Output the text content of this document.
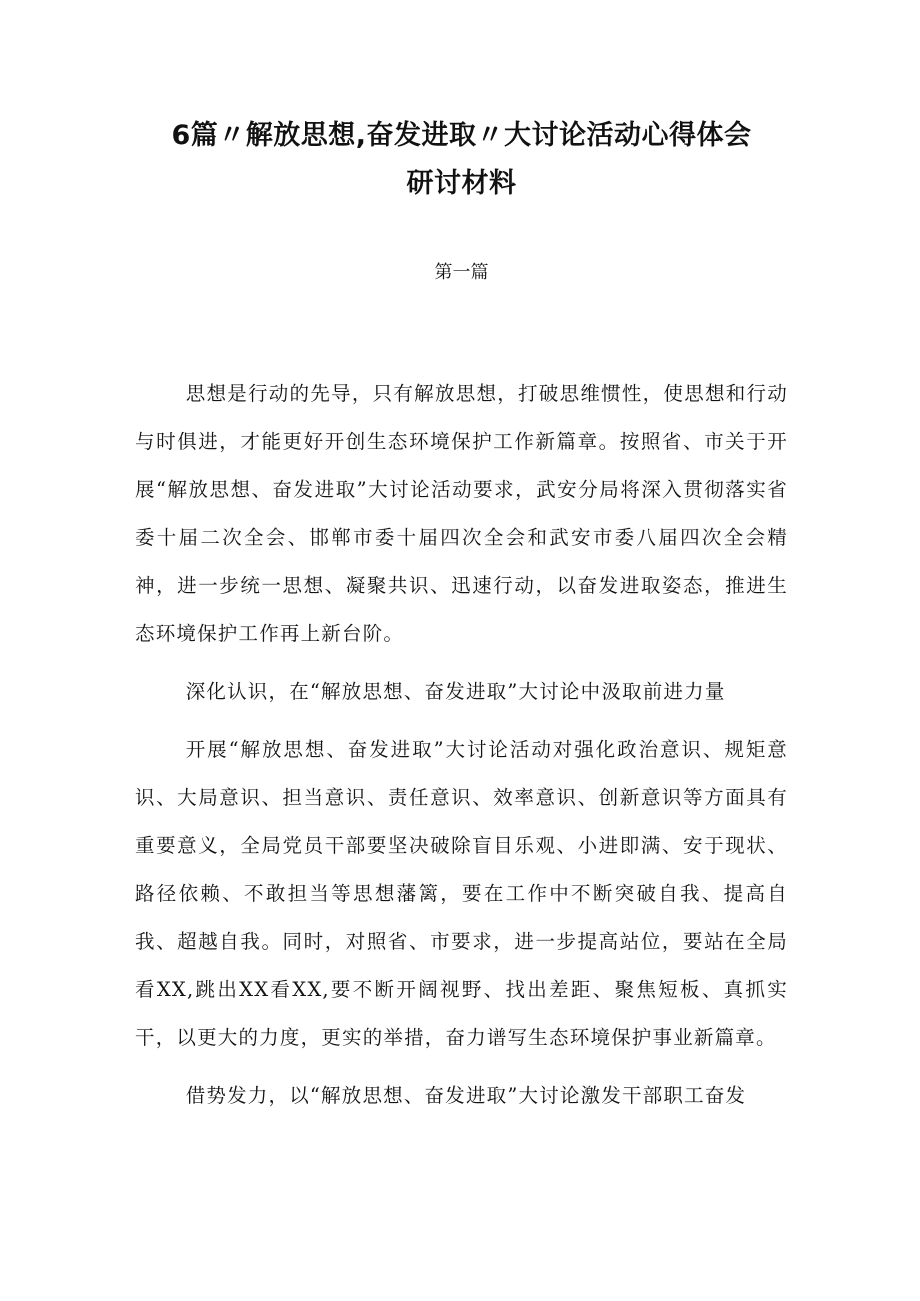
6篇〃解放思想,奋发进取〃大讨论活动心得体会
研讨材料
第一篇

思想是行动的先导，只有解放思想，打破思维惯性，使思想和行动与时俱进，才能更好开创生态环境保护工作新篇章。按照省、市关于开展“解放思想、奋发进取”大讨论活动要求，武安分局将深入贯彻落实省委十届二次全会、邯郸市委十届四次全会和武安市委八届四次全会精神，进一步统一思想、凝聚共识、迅速行动，以奋发进取姿态，推进生态环境保护工作再上新台阶。

深化认识，在“解放思想、奋发进取”大讨论中汲取前进力量

开展“解放思想、奋发进取”大讨论活动对强化政治意识、规矩意识、大局意识、担当意识、责任意识、效率意识、创新意识等方面具有重要意义，全局党员干部要坚决破除盲目乐观、小进即满、安于现状、路径依赖、不敢担当等思想藩篱，要在工作中不断突破自我、提高自我、超越自我。同时，对照省、市要求，进一步提高站位，要站在全局看XX,跳出XX看XX,要不断开阔视野、找出差距、聚焦短板、真抓实干，以更大的力度，更实的举措，奋力谱写生态环境保护事业新篇章。

借势发力，以“解放思想、奋发进取”大讨论激发干部职工奋发
